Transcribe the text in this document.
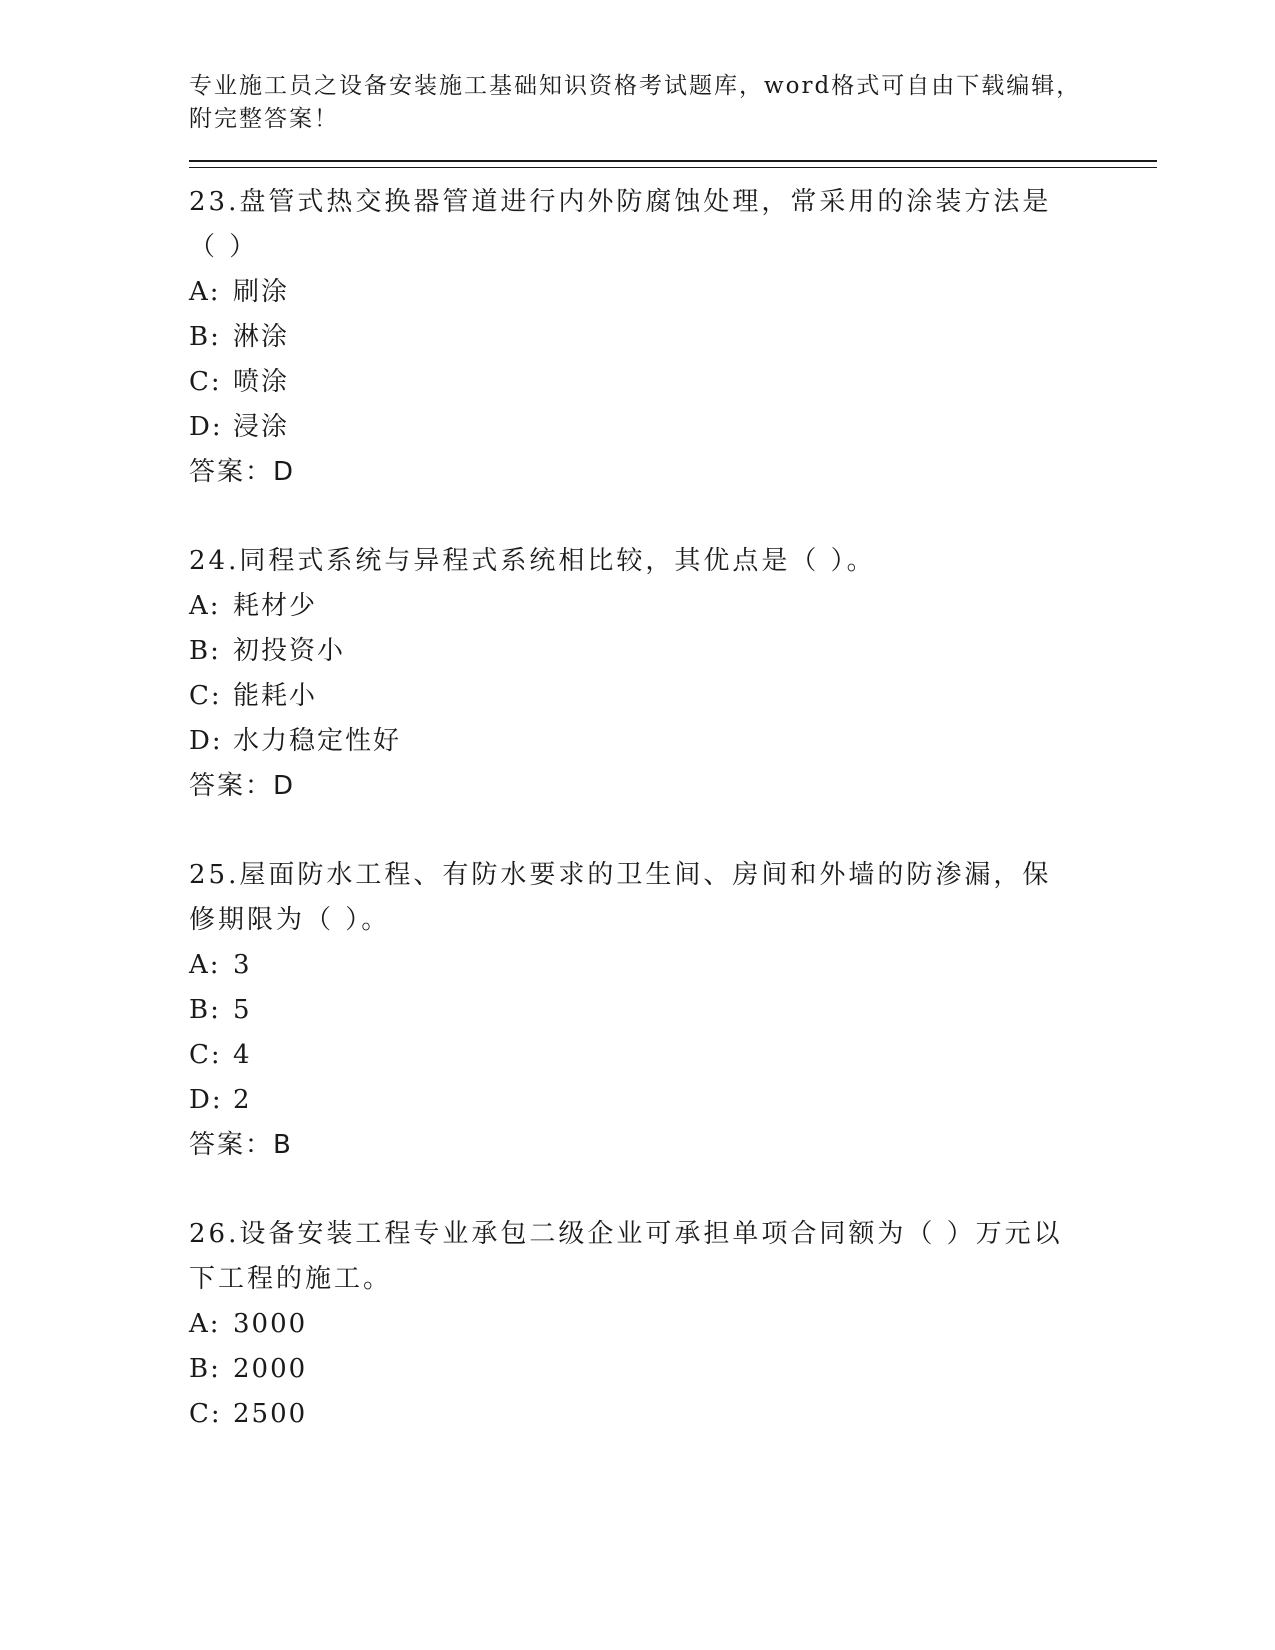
专业施工员之设备安装施工基础知识资格考试题库，word格式可自由下载编辑，
附完整答案！
23.盘管式热交换器管道进行内外防腐蚀处理，常采用的涂装方法是（ ）
A: 刷涂
B: 淋涂
C: 喷涂
D: 浸涂
答案：D
24.同程式系统与异程式系统相比较，其优点是（ ）。
A: 耗材少
B: 初投资小
C: 能耗小
D: 水力稳定性好
答案：D
25.屋面防水工程、有防水要求的卫生间、房间和外墙的防渗漏，保修期限为（ ）。
A: 3
B: 5
C: 4
D: 2
答案：B
26.设备安装工程专业承包二级企业可承担单项合同额为（ ）万元以下工程的施工。
A: 3000
B: 2000
C: 2500
